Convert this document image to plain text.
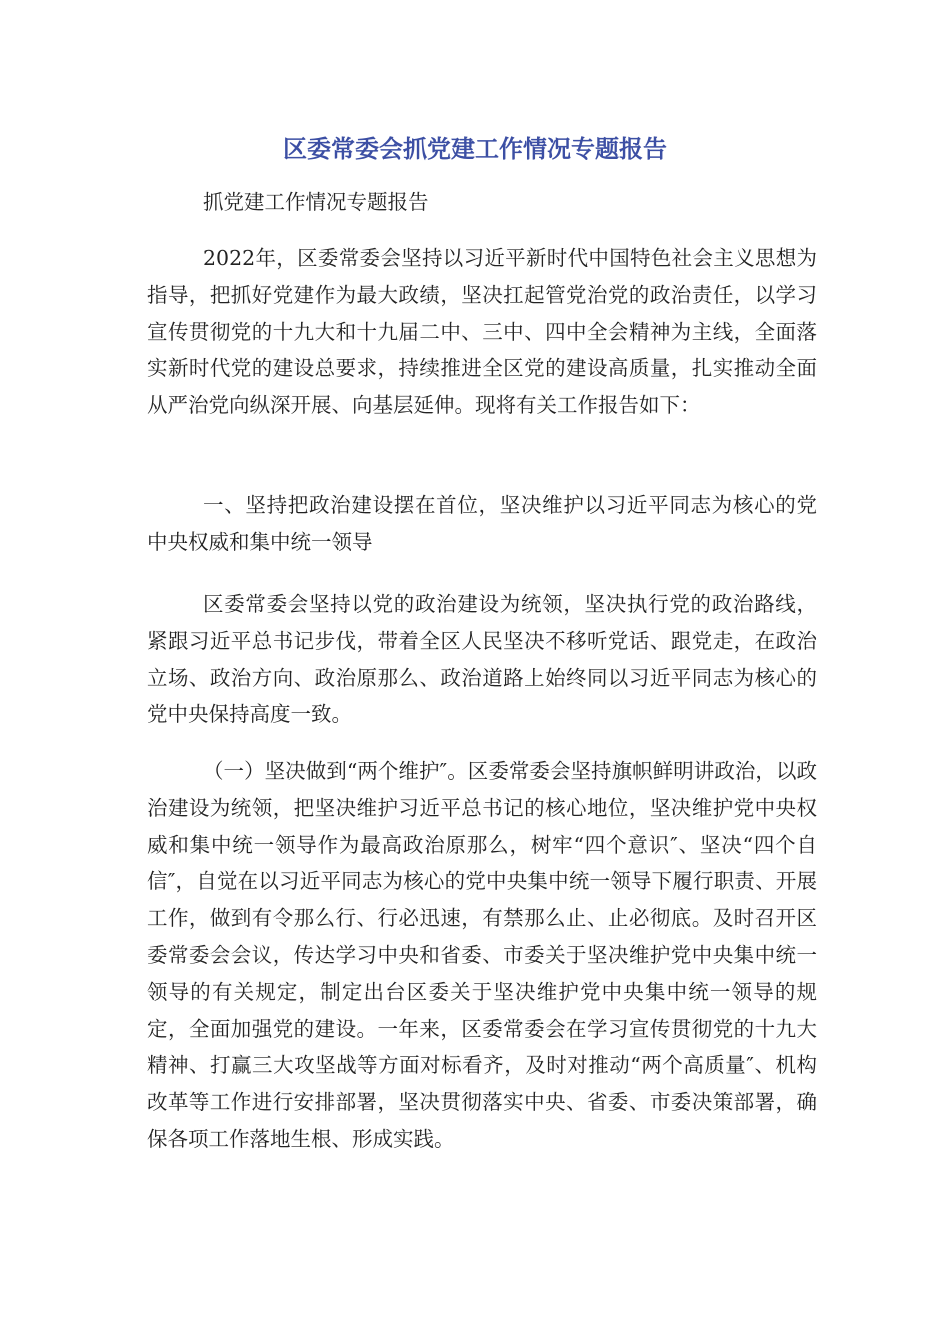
区委常委会抓党建工作情况专题报告

抓党建工作情况专题报告

2022年，区委常委会坚持以习近平新时代中国特色社会主义思想为指导，把抓好党建作为最大政绩，坚决扛起管党治党的政治责任，以学习宣传贯彻党的十九大和十九届二中、三中、四中全会精神为主线，全面落实新时代党的建设总要求，持续推进全区党的建设高质量，扎实推动全面从严治党向纵深开展、向基层延伸。现将有关工作报告如下：

一、坚持把政治建设摆在首位，坚决维护以习近平同志为核心的党中央权威和集中统一领导

区委常委会坚持以党的政治建设为统领，坚决执行党的政治路线，紧跟习近平总书记步伐，带着全区人民坚决不移听党话、跟党走，在政治立场、政治方向、政治原那么、政治道路上始终同以习近平同志为核心的党中央保持高度一致。

（一）坚决做到“两个维护″。区委常委会坚持旗帜鲜明讲政治，以政治建设为统领，把坚决维护习近平总书记的核心地位，坚决维护党中央权威和集中统一领导作为最高政治原那么，树牢“四个意识″、坚决“四个自信″，自觉在以习近平同志为核心的党中央集中统一领导下履行职责、开展工作，做到有令那么行、行必迅速，有禁那么止、止必彻底。及时召开区委常委会会议，传达学习中央和省委、市委关于坚决维护党中央集中统一领导的有关规定，制定出台区委关于坚决维护党中央集中统一领导的规定，全面加强党的建设。一年来，区委常委会在学习宣传贯彻党的十九大精神、打赢三大攻坚战等方面对标看齐，及时对推动“两个高质量″、机构改革等工作进行安排部署，坚决贯彻落实中央、省委、市委决策部署，确保各项工作落地生根、形成实践。
